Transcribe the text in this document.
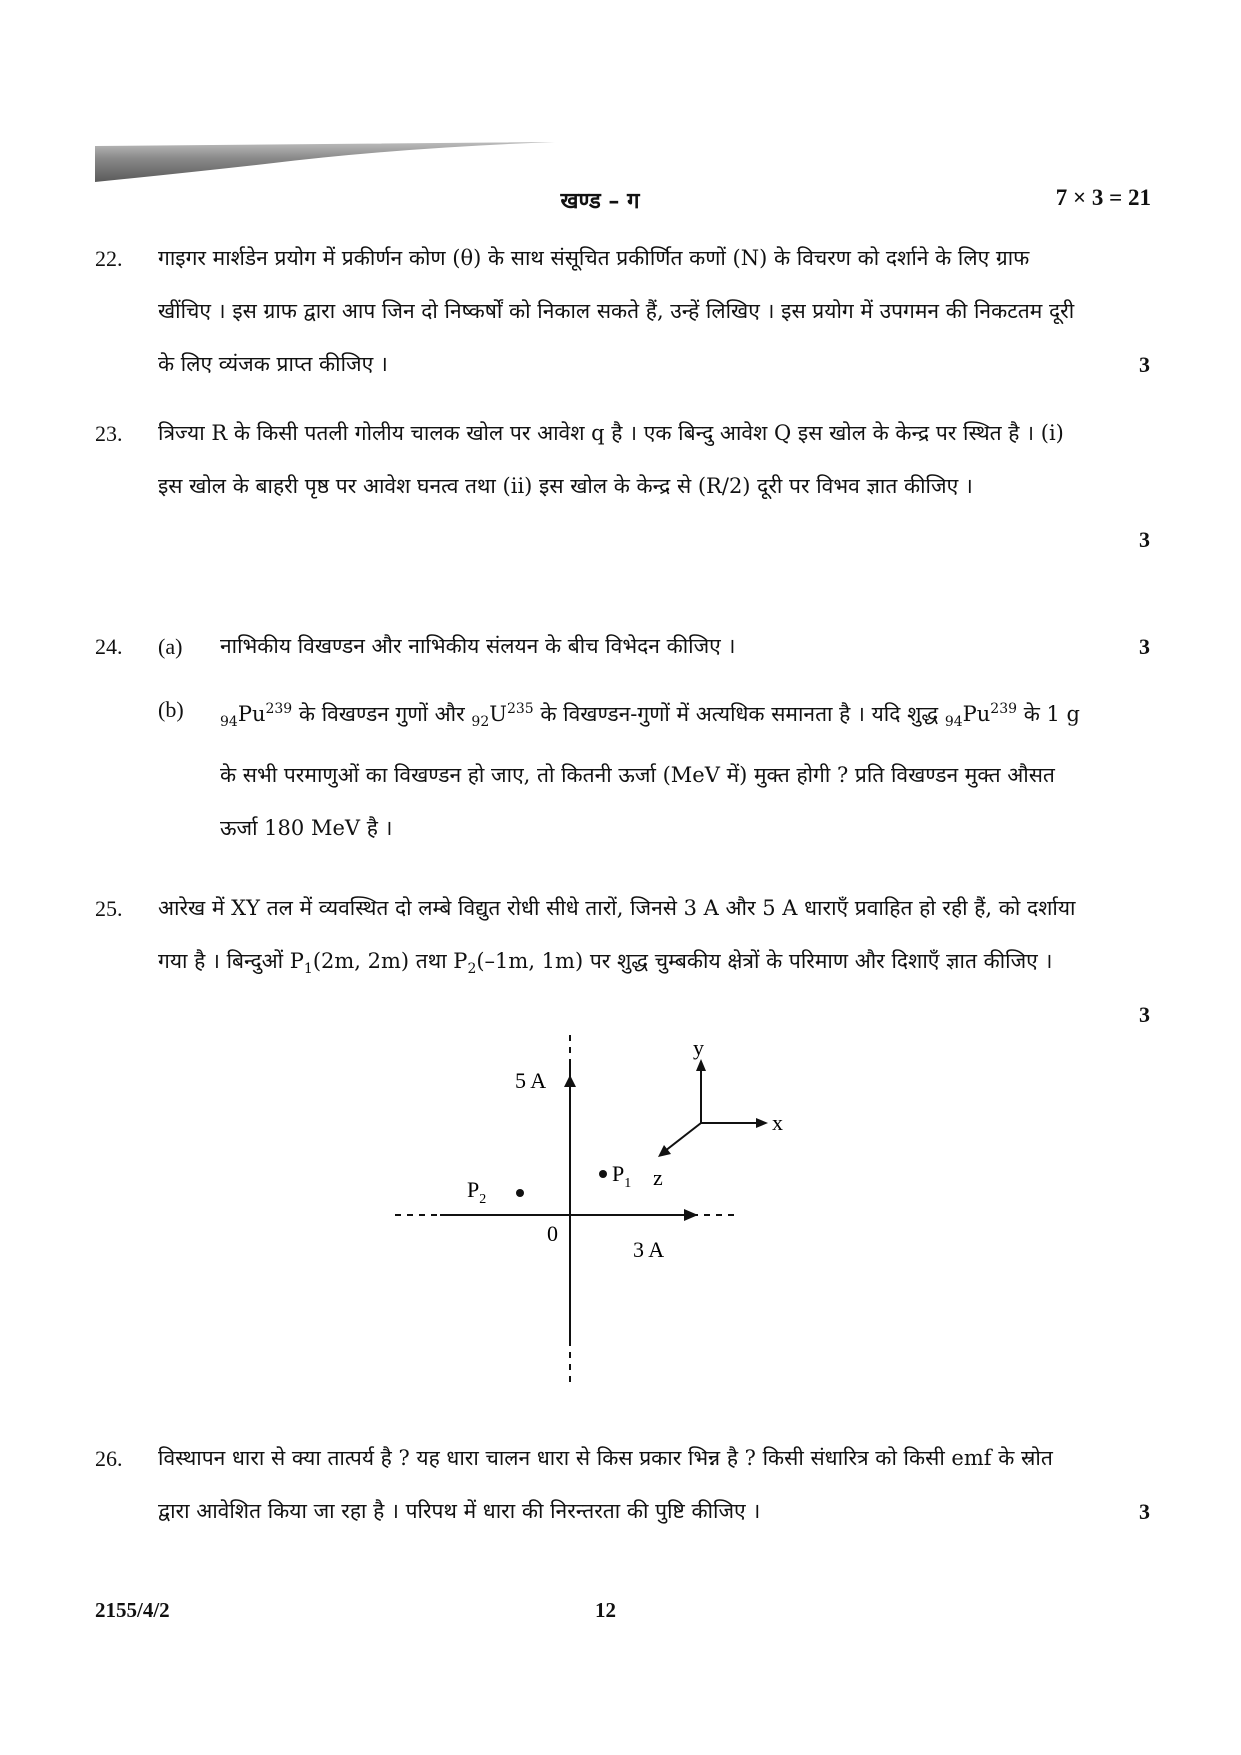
खण्ड – ग	7 × 3 = 21
22.	गाइगर मार्शडेन प्रयोग में प्रकीर्णन कोण (θ) के साथ संसूचित प्रकीर्णित कणों (N) के विचरण को दर्शाने के लिए ग्राफ खींचिए । इस ग्राफ द्वारा आप जिन दो निष्कर्षों को निकाल सकते हैं, उन्हें लिखिए । इस प्रयोग में उपगमन की निकटतम दूरी के लिए व्यंजक प्राप्त कीजिए ।	3
23.	त्रिज्या R के किसी पतली गोलीय चालक खोल पर आवेश q है । एक बिन्दु आवेश Q इस खोल के केन्द्र पर स्थित है । (i) इस खोल के बाहरी पृष्ठ पर आवेश घनत्व तथा (ii) इस खोल के केन्द्र से (R/2) दूरी पर विभव ज्ञात कीजिए ।
3
24.	(a) नाभिकीय विखण्डन और नाभिकीय संलयन के बीच विभेदन कीजिए ।
(b)
$_{94}Pu^{239}$ के विखण्डन गुणों और $_{92}U^{235}$ के विखण्डन-गुणों में अत्यधिक समानता है । यदि शुद्ध $_{94}Pu^{239}$ के 1 g के सभी परमाणुओं का विखण्डन हो जाए, तो कितनी ऊर्जा (MeV में) मुक्त होगी ? प्रति विखण्डन मुक्त औसत ऊर्जा 180 MeV है ।
3
25.	आरेख में XY तल में व्यवस्थित दो लम्बे विद्युत रोधी सीधे तारों, जिनसे 3 A और 5 A धाराएँ प्रवाहित हो रही हैं, को दर्शाया गया है । बिन्दुओं $P_1(2m$, 2m) तथा $P_2(-1m$, 1m) पर शुद्ध चुम्बकीय क्षेत्रों के परिमाण और दिशाएँ ज्ञात कीजिए ।
3
5 A
3 A
0
$P_1$
$P_2$
y
x
z
26.	विस्थापन धारा से क्या तात्पर्य है ? यह धारा चालन धारा से किस प्रकार भिन्न है ? किसी संधारित्र को किसी emf के स्रोत द्वारा आवेशित किया जा रहा है । परिपथ में धारा की निरन्तरता की पुष्टि कीजिए ।	3
2155/4/2	12
